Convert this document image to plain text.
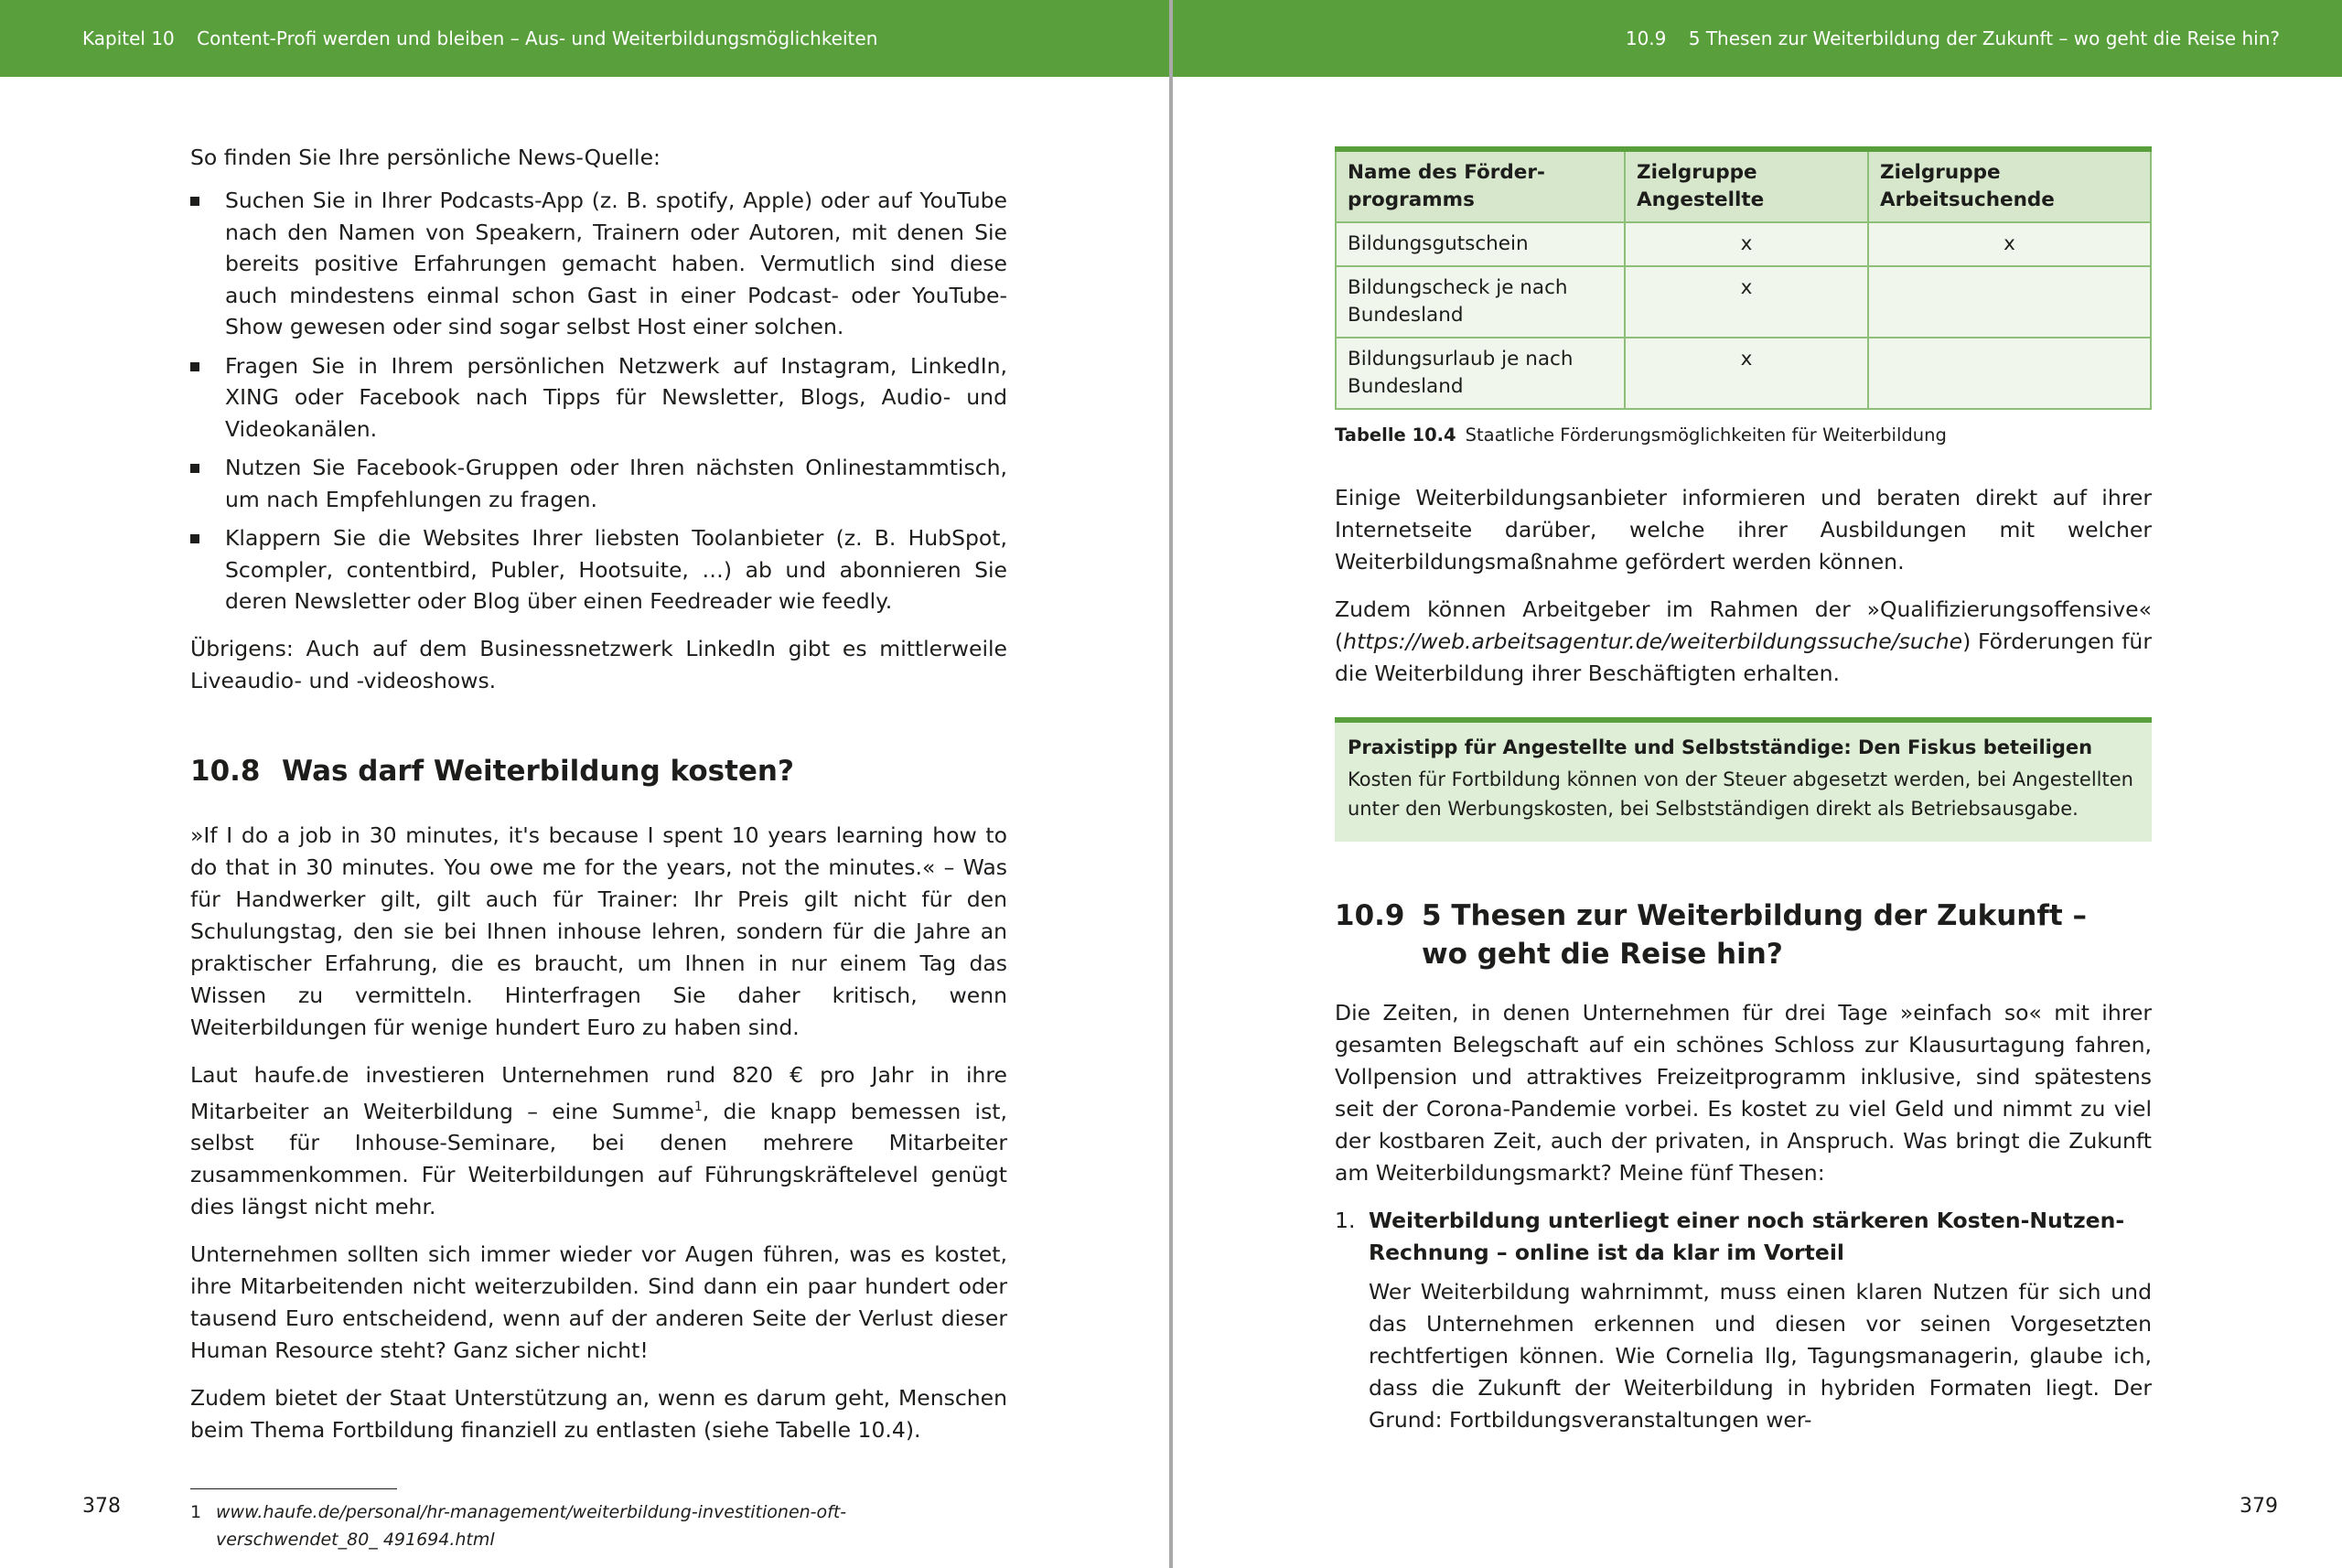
Kapitel 10 Content-Profi werden und bleiben – Aus- und Weiterbildungsmöglichkeiten

So finden Sie Ihre persönliche News-Quelle:

Suchen Sie in Ihrer Podcasts-App (z. B. spotify, Apple) oder auf YouTube nach den Namen von Speakern, Trainern oder Autoren, mit denen Sie bereits positive Erfahrungen gemacht haben. Vermutlich sind diese auch mindestens einmal schon Gast in einer Podcast- oder YouTube-Show gewesen oder sind sogar selbst Host einer solchen.
Fragen Sie in Ihrem persönlichen Netzwerk auf Instagram, LinkedIn, XING oder Facebook nach Tipps für Newsletter, Blogs, Audio- und Videokanälen.
Nutzen Sie Facebook-Gruppen oder Ihren nächsten Onlinestammtisch, um nach Empfehlungen zu fragen.
Klappern Sie die Websites Ihrer liebsten Toolanbieter (z. B. HubSpot, Scompler, contentbird, Publer, Hootsuite, …) ab und abonnieren Sie deren Newsletter oder Blog über einen Feedreader wie feedly.

Übrigens: Auch auf dem Businessnetzwerk LinkedIn gibt es mittlerweile Liveaudio- und -videoshows.

10.8 Was darf Weiterbildung kosten?

»If I do a job in 30 minutes, it's because I spent 10 years learning how to do that in 30 minutes. You owe me for the years, not the minutes.« – Was für Handwerker gilt, gilt auch für Trainer: Ihr Preis gilt nicht für den Schulungstag, den sie bei Ihnen inhouse lehren, sondern für die Jahre an praktischer Erfahrung, die es braucht, um Ihnen in nur einem Tag das Wissen zu vermitteln. Hinterfragen Sie daher kritisch, wenn Weiterbildungen für wenige hundert Euro zu haben sind.

Laut haufe.de investieren Unternehmen rund 820 € pro Jahr in ihre Mitarbeiter an Weiterbildung – eine Summe$^1$, die knapp bemessen ist, selbst für Inhouse-Seminare, bei denen mehrere Mitarbeiter zusammenkommen. Für Weiterbildungen auf Führungskräftelevel genügt dies längst nicht mehr.

Unternehmen sollten sich immer wieder vor Augen führen, was es kostet, ihre Mitarbeitenden nicht weiterzubilden. Sind dann ein paar hundert oder tausend Euro entscheidend, wenn auf der anderen Seite der Verlust dieser Human Resource steht? Ganz sicher nicht!

Zudem bietet der Staat Unterstützung an, wenn es darum geht, Menschen beim Thema Fortbildung finanziell zu entlasten (siehe Tabelle 10.4).

1 www.haufe.de/personal/hr-management/weiterbildung-investitionen-oft-verschwendet_80_ 491694.html
378
10.9 5 Thesen zur Weiterbildung der Zukunft – wo geht die Reise hin?
Name des Förder-programms	Zielgruppe Angestellte	Zielgruppe Arbeitsuchende
Bildungsgutschein	x	x
Bildungscheck je nach Bundesland	x	
Bildungsurlaub je nach Bundesland	x	
Tabelle 10.4 Staatliche Förderungsmöglichkeiten für Weiterbildung

Einige Weiterbildungsanbieter informieren und beraten direkt auf ihrer Internetseite darüber, welche ihrer Ausbildungen mit welcher Weiterbildungsmaßnahme gefördert werden können.

Zudem können Arbeitgeber im Rahmen der »Qualifizierungsoffensive« (https://web.arbeitsagentur.de/weiterbildungssuche/suche) Förderungen für die Weiterbildung ihrer Beschäftigten erhalten.

Praxistipp für Angestellte und Selbstständige: Den Fiskus beteiligen
Kosten für Fortbildung können von der Steuer abgesetzt werden, bei Angestellten unter den Werbungskosten, bei Selbstständigen direkt als Betriebsausgabe.
10.9 5 Thesen zur Weiterbildung der Zukunft –
wo geht die Reise hin?

Die Zeiten, in denen Unternehmen für drei Tage »einfach so« mit ihrer gesamten Belegschaft auf ein schönes Schloss zur Klausurtagung fahren, Vollpension und attraktives Freizeitprogramm inklusive, sind spätestens seit der Corona-Pandemie vorbei. Es kostet zu viel Geld und nimmt zu viel der kostbaren Zeit, auch der privaten, in Anspruch. Was bringt die Zukunft am Weiterbildungsmarkt? Meine fünf Thesen:

1. Weiterbildung unterliegt einer noch stärkeren Kosten-Nutzen-Rechnung – online ist da klar im Vorteil

Wer Weiterbildung wahrnimmt, muss einen klaren Nutzen für sich und das Unternehmen erkennen und diesen vor seinen Vorgesetzten rechtfertigen können. Wie Cornelia Ilg, Tagungsmanagerin, glaube ich, dass die Zukunft der Weiterbildung in hybriden Formaten liegt. Der Grund: Fortbildungsveranstaltungen wer-

379
